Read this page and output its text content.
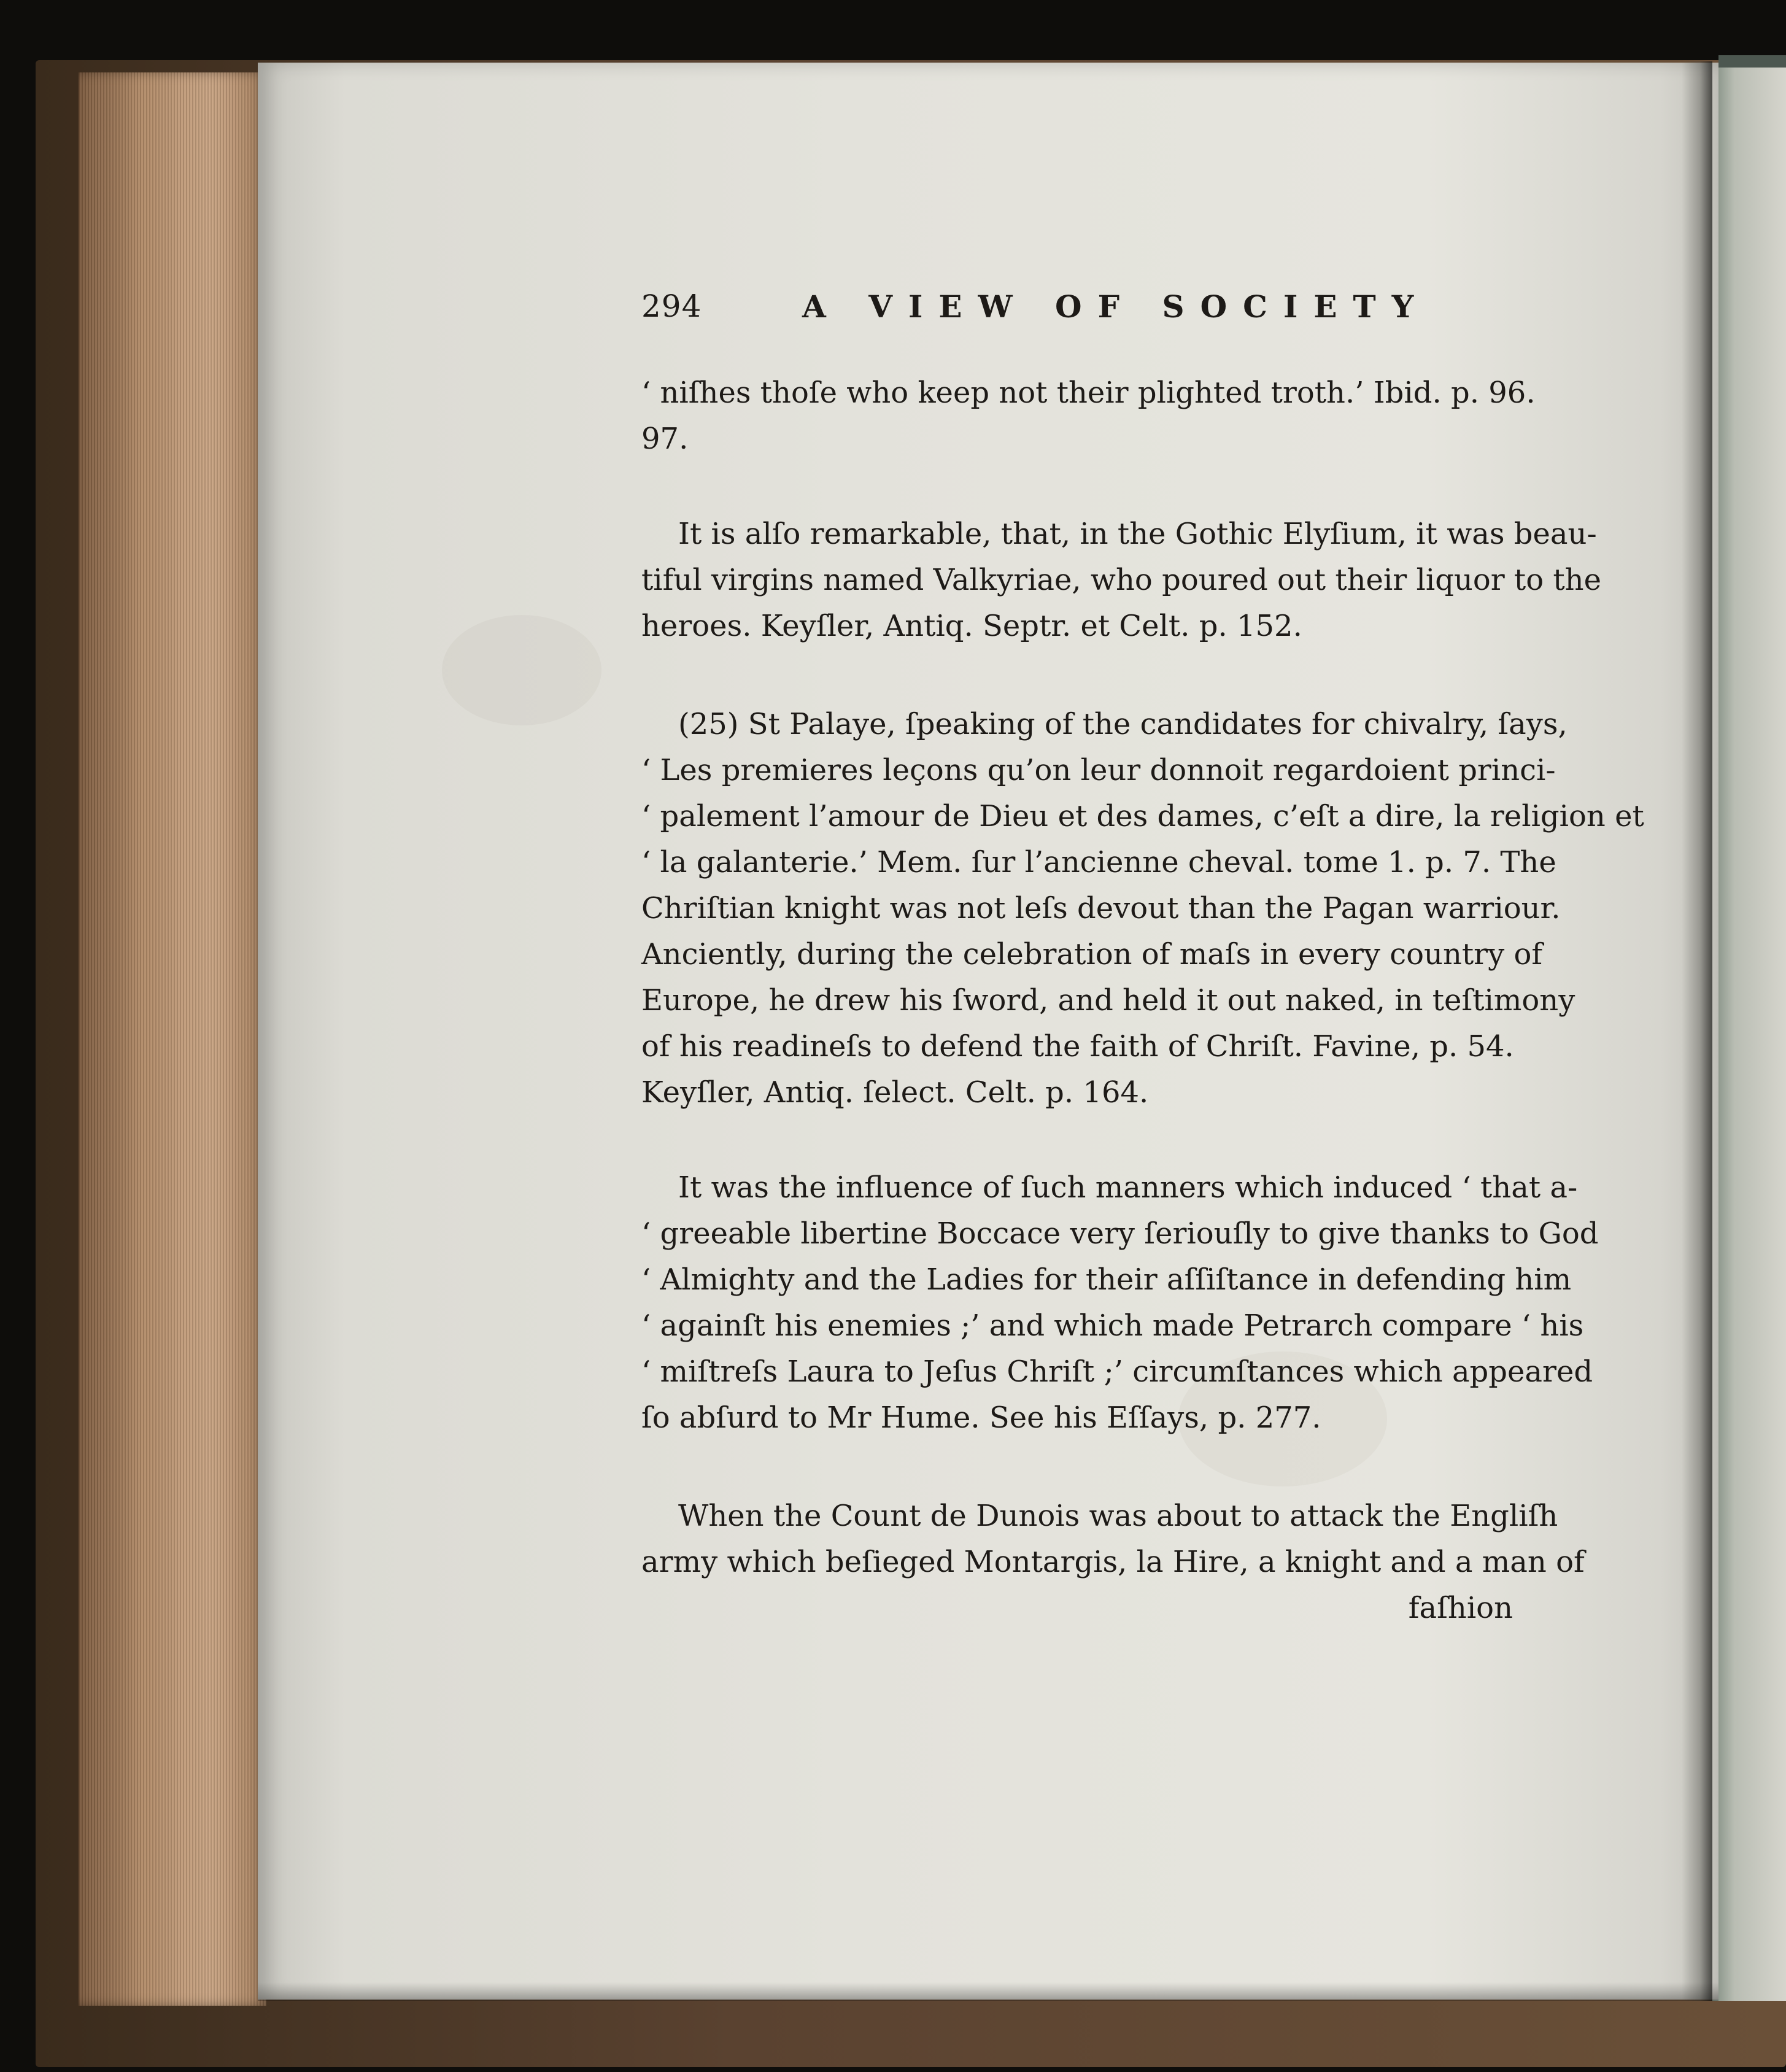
294	A VIEW OF SOCIETY
‘ niſhes thoſe who keep not their plighted troth.’ Ibid. p. 96.
97.
It is alſo remarkable, that, in the Gothic Elyſium, it was beau-
tiful virgins named Valkyriae, who poured out their liquor to the
heroes. Keyſler, Antiq. Septr. et Celt. p. 152.
(25) St Palaye, ſpeaking of the candidates for chivalry, ſays,
‘ Les premieres leçons qu’on leur donnoit regardoient princi-
‘ palement l’amour de Dieu et des dames, c’eſt a dire, la religion et
‘ la galanterie.’ Mem. ſur l’ancienne cheval. tome 1. p. 7. The
Chriſtian knight was not leſs devout than the Pagan warriour.
Anciently, during the celebration of maſs in every country of
Europe, he drew his ſword, and held it out naked, in teſtimony
of his readineſs to defend the faith of Chriſt. Favine, p. 54.
Keyſler, Antiq. ſelect. Celt. p. 164.
It was the influence of ſuch manners which induced ‘ that a-
‘ greeable libertine Boccace very ſeriouſly to give thanks to God
‘ Almighty and the Ladies for their aſſiſtance in defending him
‘ againſt his enemies ;’ and which made Petrarch compare ‘ his
‘ miſtreſs Laura to Jeſus Chriſt ;’ circumſtances which appeared
ſo abſurd to Mr Hume. See his Eſſays, p. 277.
When the Count de Dunois was about to attack the Engliſh
army which beſieged Montargis, la Hire, a knight and a man of
faſhion
